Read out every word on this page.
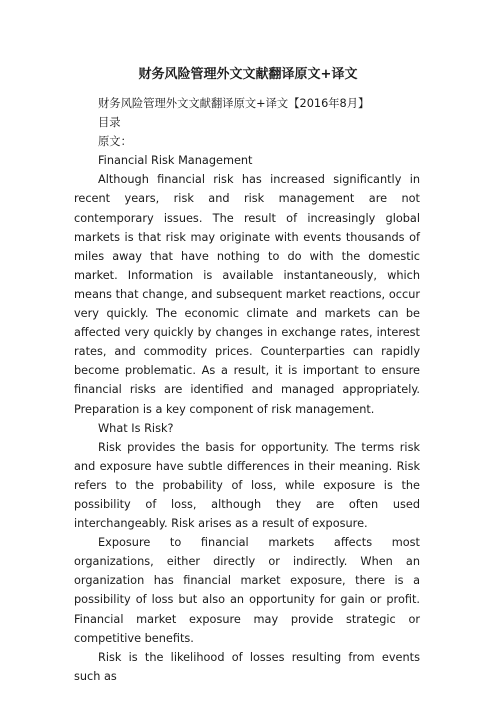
财务风险管理外文文献翻译原文+译文
财务风险管理外文文献翻译原文+译文【2016年8月】
目录
原文：
Financial Risk Management

Although financial risk has increased significantly in recent years, risk and risk management are not contemporary issues. The result of increasingly global markets is that risk may originate with events thousands of miles away that have nothing to do with the domestic market. Information is available instantaneously, which means that change, and subsequent market reactions, occur very quickly. The economic climate and markets can be affected very quickly by changes in exchange rates, interest rates, and commodity prices. Counterparties can rapidly become problematic. As a result, it is important to ensure financial risks are identified and managed appropriately. Preparation is a key component of risk management.

What Is Risk?

Risk provides the basis for opportunity. The terms risk and exposure have subtle differences in their meaning. Risk refers to the probability of loss, while exposure is the possibility of loss, although they are often used interchangeably. Risk arises as a result of exposure.

Exposure to financial markets affects most organizations, either directly or indirectly. When an organization has financial market exposure, there is a possibility of loss but also an opportunity for gain or profit. Financial market exposure may provide strategic or competitive benefits.

Risk is the likelihood of losses resulting from events such as
